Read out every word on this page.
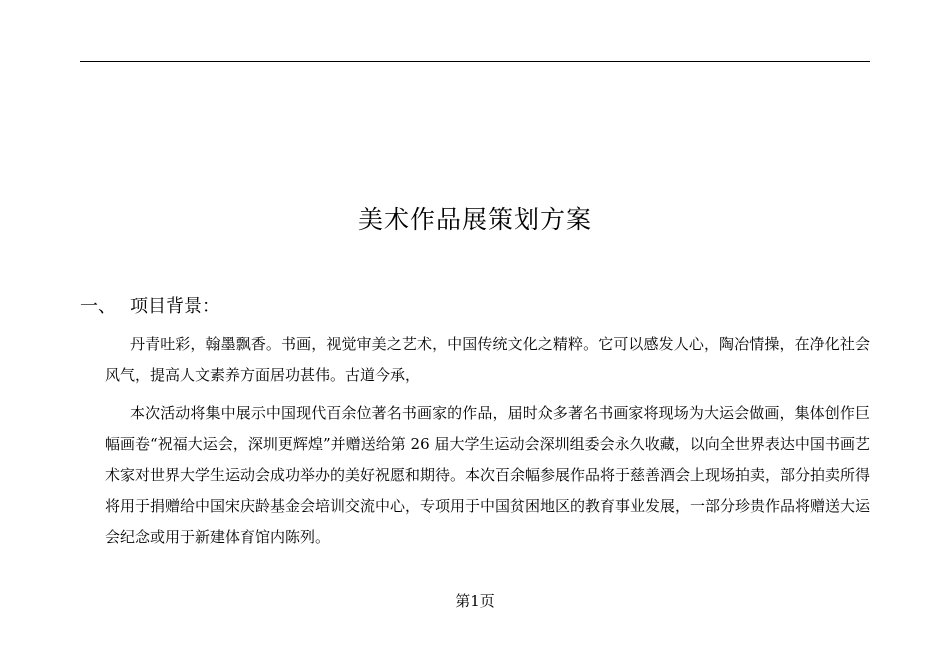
美术作品展策划方案
一、 项目背景：
丹青吐彩，翰墨飘香。书画，视觉审美之艺术，中国传统文化之精粹。它可以感发人心，陶冶情操，在净化社会风气，提高人文素养方面居功甚伟。古道今承，
本次活动将集中展示中国现代百余位著名书画家的作品，届时众多著名书画家将现场为大运会做画，集体创作巨幅画卷“祝福大运会，深圳更辉煌”并赠送给第 26 届大学生运动会深圳组委会永久收藏，以向全世界表达中国书画艺术家对世界大学生运动会成功举办的美好祝愿和期待。本次百余幅参展作品将于慈善酒会上现场拍卖，部分拍卖所得将用于捐赠给中国宋庆龄基金会培训交流中心，专项用于中国贫困地区的教育事业发展，一部分珍贵作品将赠送大运会纪念或用于新建体育馆内陈列。
第1页
